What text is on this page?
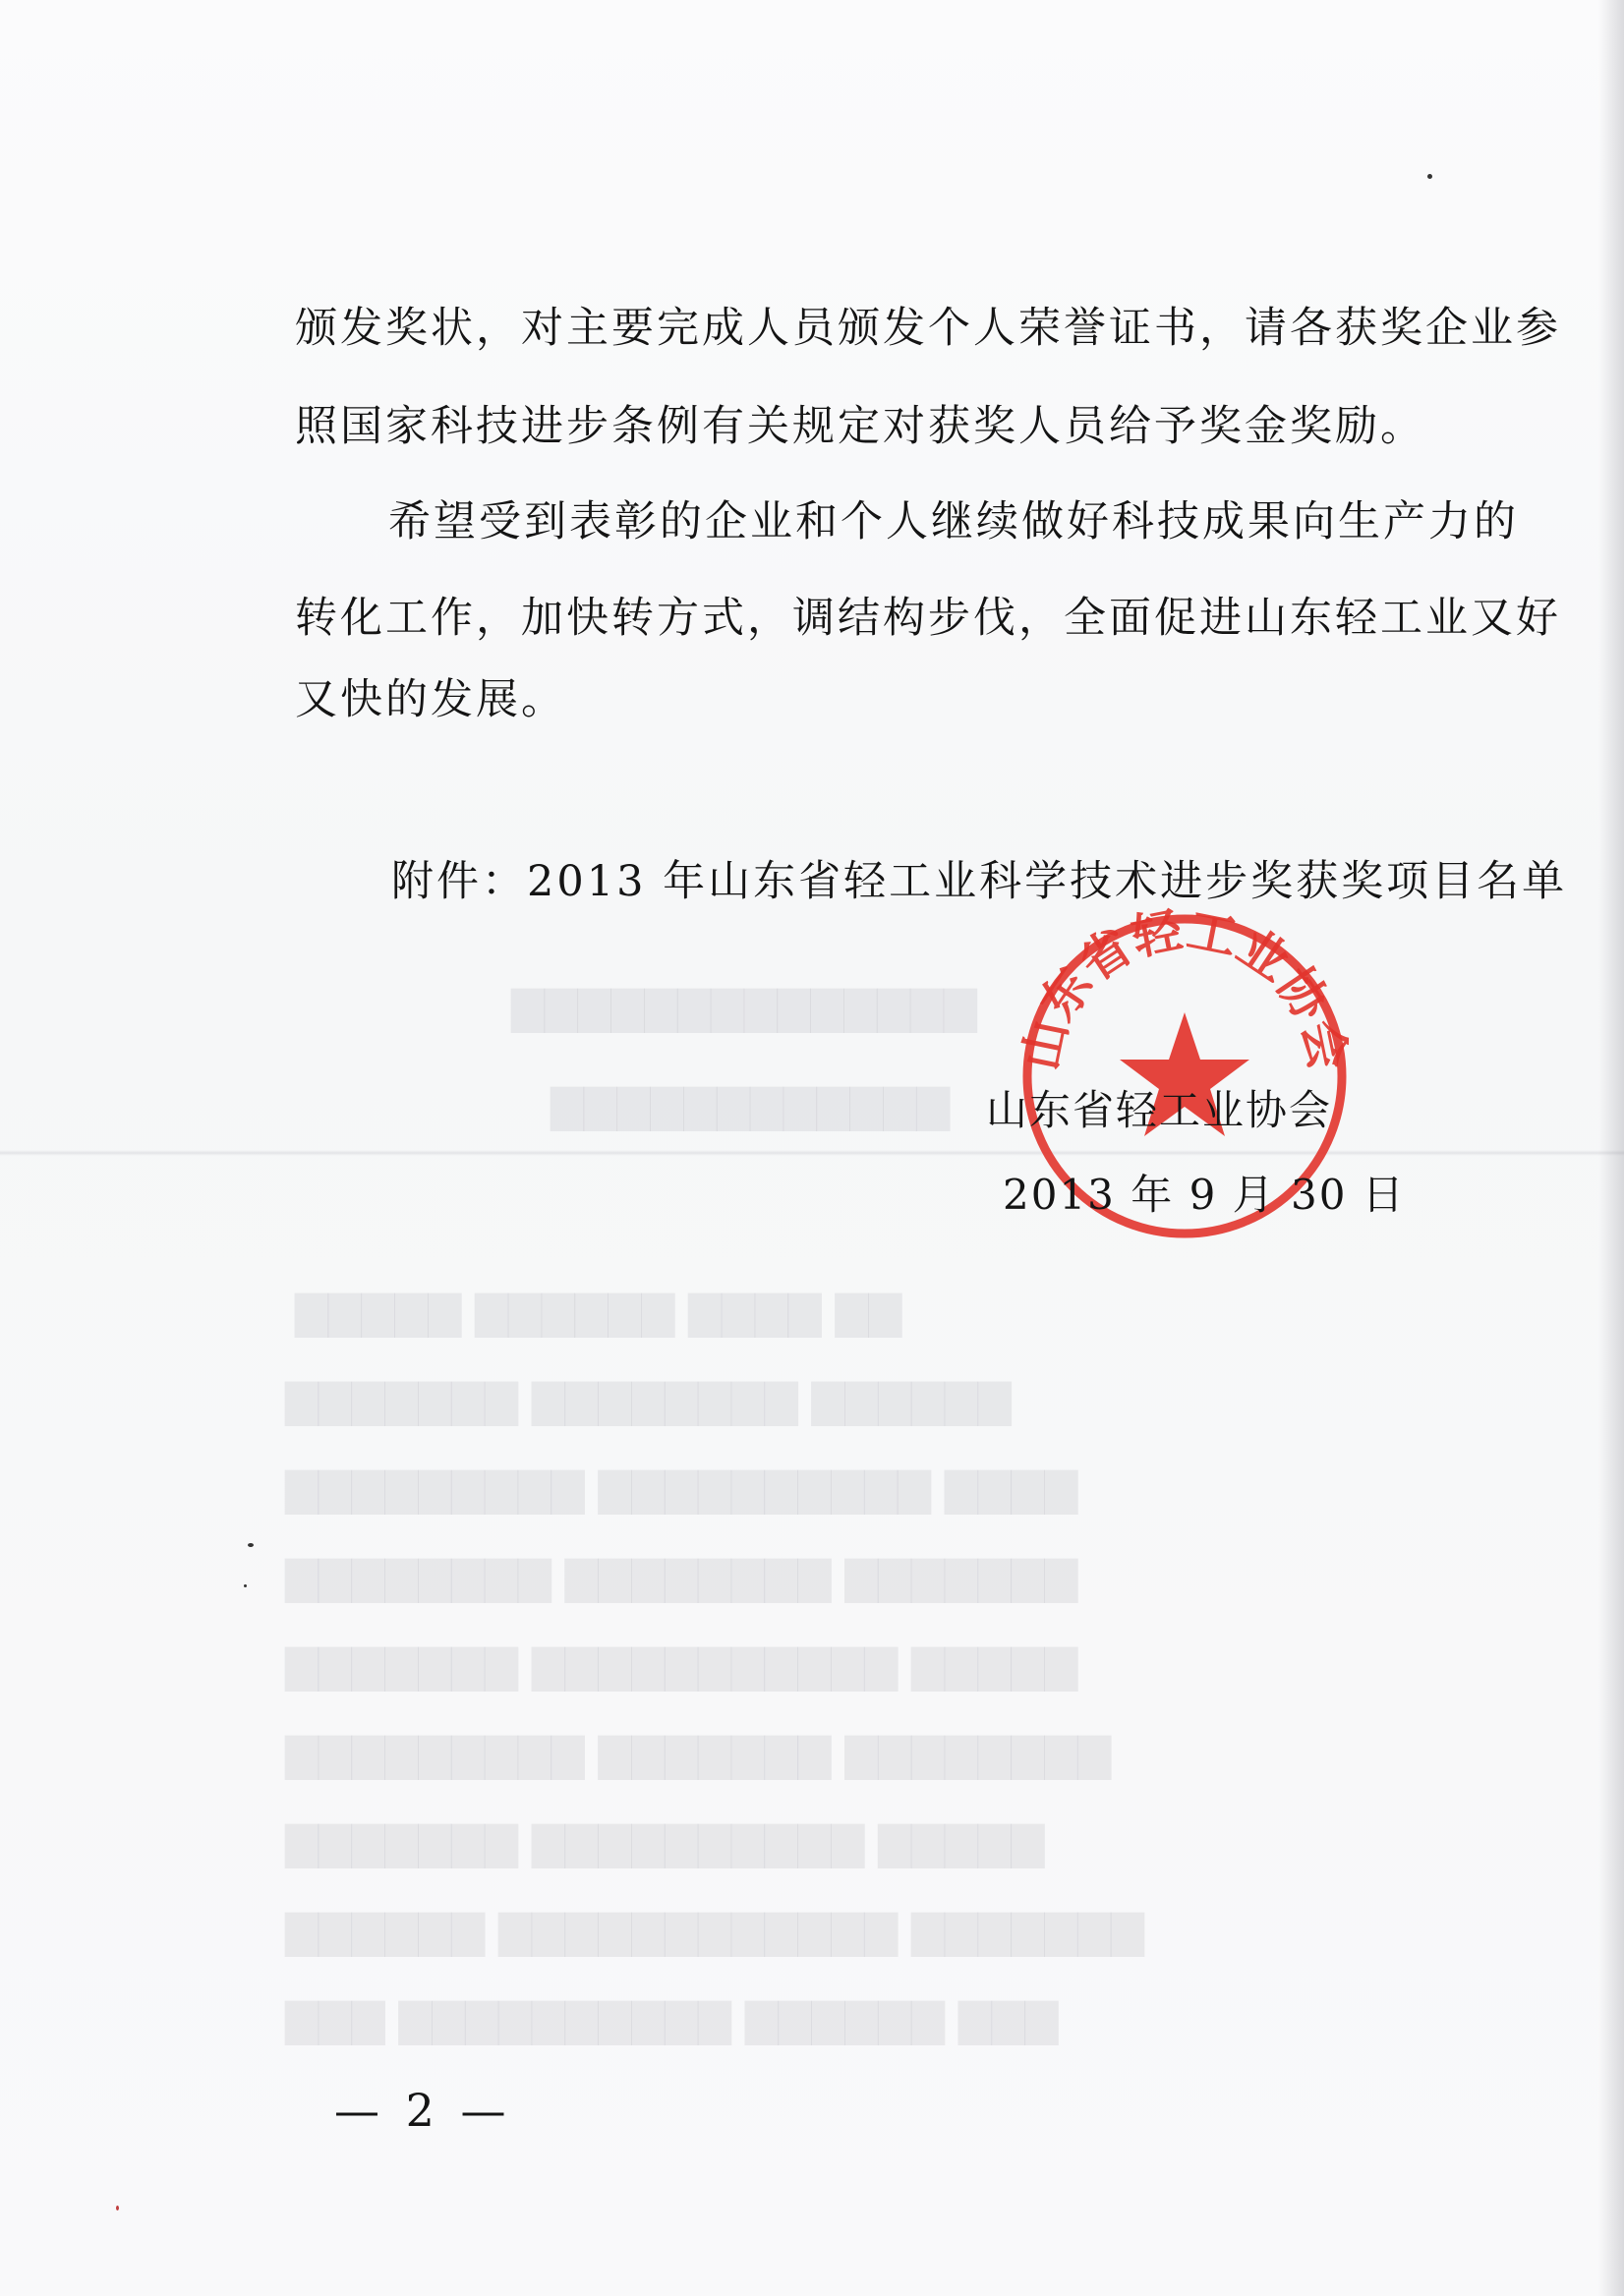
▇▇ ▇▇▇▇ ▇▇▇▇▇▇ ▇▇▇▇▇
▇▇▇▇▇▇ ▇▇▇▇▇▇▇▇ ▇▇▇▇▇▇▇
▇▇▇▇ ▇▇▇▇▇▇▇▇▇▇ ▇▇▇▇▇▇▇▇▇
▇▇▇▇▇▇▇ ▇▇▇▇▇▇▇▇ ▇▇▇▇▇▇▇▇
▇▇▇▇▇ ▇▇▇▇▇▇▇▇▇▇▇ ▇▇▇▇▇▇▇
▇▇▇▇▇▇▇▇ ▇▇▇▇▇▇▇ ▇▇▇▇▇▇▇▇▇
▇▇▇▇▇ ▇▇▇▇▇▇▇▇▇▇ ▇▇▇▇▇▇▇
▇▇▇▇▇▇▇ ▇▇▇▇▇▇▇▇▇▇▇▇ ▇▇▇▇▇▇
▇▇▇ ▇▇▇▇▇▇ ▇▇▇▇▇▇▇▇▇▇ ▇▇▇
▇▇▇▇▇▇▇▇▇▇▇▇▇▇
▇▇▇▇▇▇▇▇▇▇▇▇
颁发奖状，对主要完成人员颁发个人荣誉证书，请各获奖企业参
照国家科技进步条例有关规定对获奖人员给予奖金奖励。
希望受到表彰的企业和个人继续做好科技成果向生产力的
转化工作，加快转方式，调结构步伐，全面促进山东轻工业又好
又快的发展。
附件：2013 年山东省轻工业科学技术进步奖获奖项目名单
山东省轻工业协会
山东省轻工业协会
2013 年 9 月 30 日
— 2 —
